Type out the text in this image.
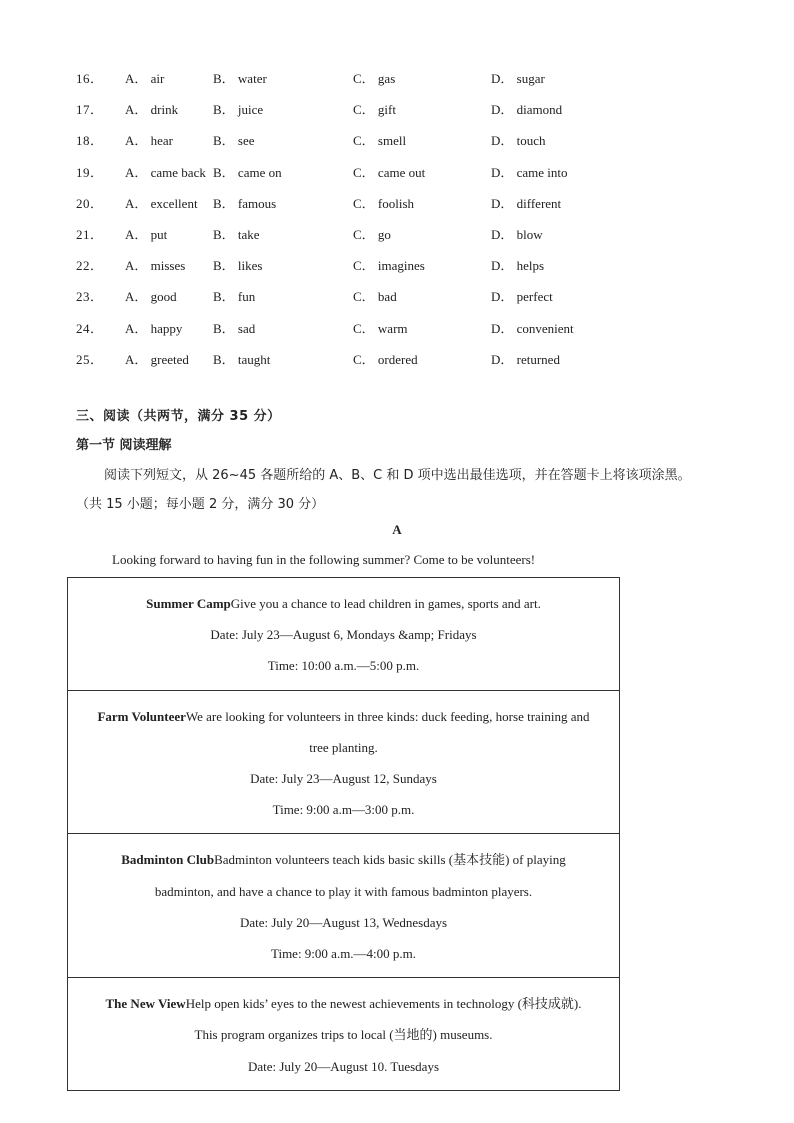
16．	A． air	B． water	C． gas	D． sugar
17．	A． drink	B． juice	C． gift	D． diamond
18．	A． hear	B． see	C． smell	D． touch
19．	A． came back B． came on	C． came out	D． came into
20．	A． excellent	B． famous	C． foolish	D． different
21．	A． put	B． take	C． go	D． blow
22．	A． misses	B． likes	C． imagines	D． helps
23．	A． good	B． fun	C． bad	D． perfect
24．	A． happy	B． sad	C． warm	D． convenient
25．	A． greeted	B． taught	C． ordered	D． returned
三、阅读（共两节，满分 35 分）
第一节 阅读理解
阅读下列短文，从 26~45 各题所给的 A、B、C 和 D 项中选出最佳选项，并在答题卡上将该项涂黑。
（共 15 小题；每小题 2 分，满分 30 分）
A
Looking forward to having fun in the following summer? Come to be volunteers!
Summer CampGive you a chance to lead children in games, sports and art.
Date: July 23—August 6, Mondays &amp; Fridays
Time: 10:00 a.m.—5:00 p.m.
Farm VolunteerWe are looking for volunteers in three kinds: duck feeding, horse training and
tree planting.
Date: July 23—August 12, Sundays
Time: 9:00 a.m—3:00 p.m.
Badminton ClubBadminton volunteers teach kids basic skills (基本技能) of playing
badminton, and have a chance to play it with famous badminton players.
Date: July 20—August 13, Wednesdays
Time: 9:00 a.m.—4:00 p.m.
The New ViewHelp open kids’ eyes to the newest achievements in technology (科技成就).
This program organizes trips to local (当地的) museums.
Date: July 20—August 10. Tuesdays
